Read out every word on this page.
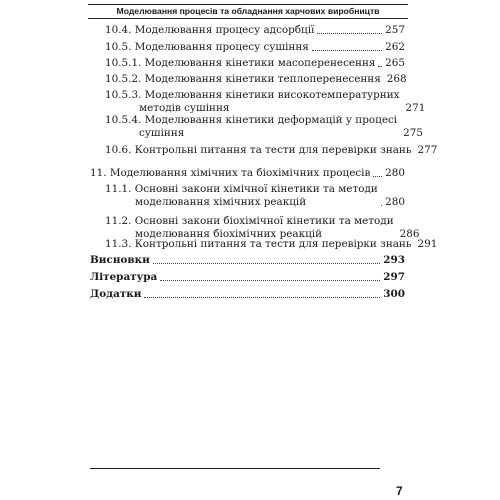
Моделювання процесів та обладнання харчових виробництв
10.4. Моделювання процесу адсорбції	257
10.5. Моделювання процесу сушіння	262
10.5.1. Моделювання кінетики масоперенесення 265
10.5.2. Моделювання кінетики теплоперенесення 268
10.5.3. Моделювання кінетики високотемпературних
методів сушіння	271
10.5.4. Моделювання кінетики деформацій у процесі
сушіння	275
10.6. Контрольні питання та тести для перевірки знань 277
11. Моделювання хімічних та біохімічних процесів 280
11.1. Основні закони хімічної кінетики та методи
моделювання хімічних реакцій	280
11.2. Основні закони біохімічної кінетики та методи
моделювання біохімічних реакцій	286
11.3. Контрольні питання та тести для перевірки знань 291
Висновки	293
Література	297
Додатки	300
7
